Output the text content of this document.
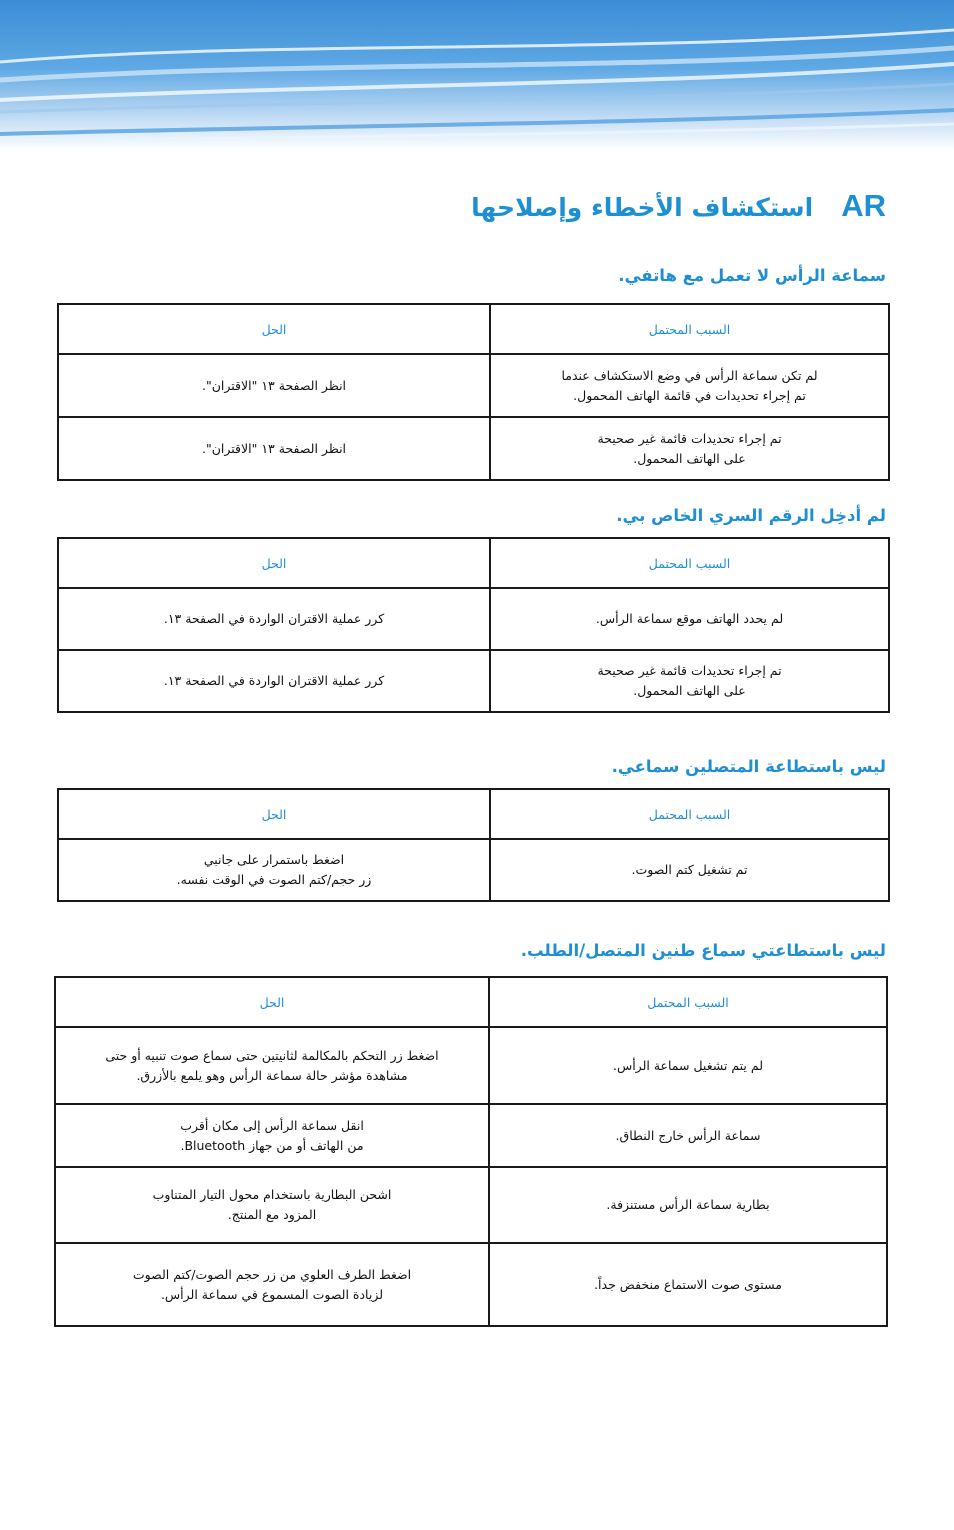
AR
استكشاف الأخطاء وإصلاحها
سماعة الرأس لا تعمل مع هاتفي.
السبب المحتمل	الحل

لم تكن سماعة الرأس في وضع الاستكشاف عندما
تم إجراء تحديدات في قائمة الهاتف المحمول.	انظر الصفحة ١٣ "الاقتران".

تم إجراء تحديدات قائمة غير صحيحة
على الهاتف المحمول.	انظر الصفحة ١٣ "الاقتران".
لم أدخِل الرقم السري الخاص بي.
السبب المحتمل	الحل

لم يحدد الهاتف موقع سماعة الرأس.	كرر عملية الاقتران الواردة في الصفحة ١٣.

تم إجراء تحديدات قائمة غير صحيحة
على الهاتف المحمول.	كرر عملية الاقتران الواردة في الصفحة ١٣.
ليس باستطاعة المتصلين سماعي.
السبب المحتمل	الحل

تم تشغيل كتم الصوت.	اضغط باستمرار على جانبي
زر حجم/كتم الصوت في الوقت نفسه.
ليس باستطاعتي سماع طنين المتصل/الطلب.
السبب المحتمل	الحل

لم يتم تشغيل سماعة الرأس.	اضغط زر التحكم بالمكالمة لثانيتين حتى سماع صوت تنبيه أو حتى
مشاهدة مؤشر حالة سماعة الرأس وهو يلمع بالأزرق.

سماعة الرأس خارج النطاق.	انقل سماعة الرأس إلى مكان أقرب
من الهاتف أو من جهاز Bluetooth.

بطارية سماعة الرأس مستنزفة.	اشحن البطارية باستخدام محول التيار المتناوب
المزود مع المنتج.

مستوى صوت الاستماع منخفض جداً.	اضغط الطرف العلوي من زر حجم الصوت/كتم الصوت
لزيادة الصوت المسموع في سماعة الرأس.
